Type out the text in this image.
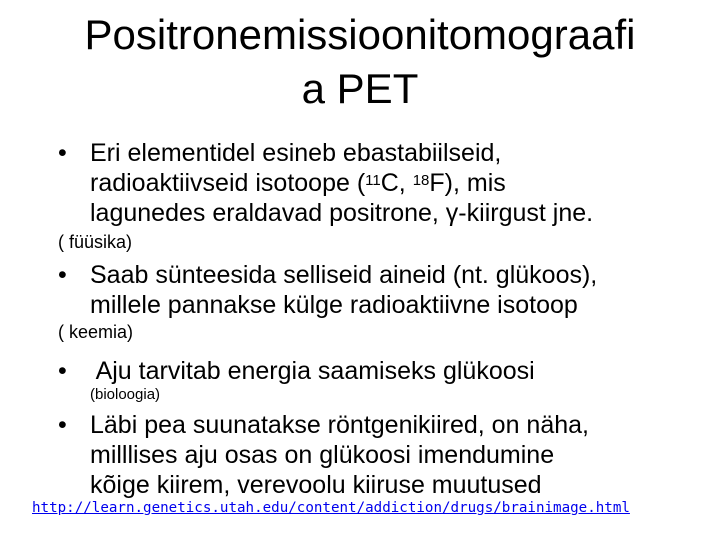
Positronemissioonitomograafi
a PET
• Eri elementidel esineb ebastabiilseid,
radioaktiivseid isotoope ($^{11}$C, $^{18}$F), mis
lagunedes eraldavad positrone, γ-kiirgust jne.
( füüsika)
• Saab sünteesida selliseid aineid (nt. glükoos),
millele pannakse külge radioaktiivne isotoop
( keemia)
• Aju tarvitab energia saamiseks glükoosi
(bioloogia)
• Läbi pea suunatakse röntgenikiired, on näha,
milllises aju osas on glükoosi imendumine
kõige kiirem, verevoolu kiiruse muutused
http://learn.genetics.utah.edu/content/addiction/drugs/brainimage.html
